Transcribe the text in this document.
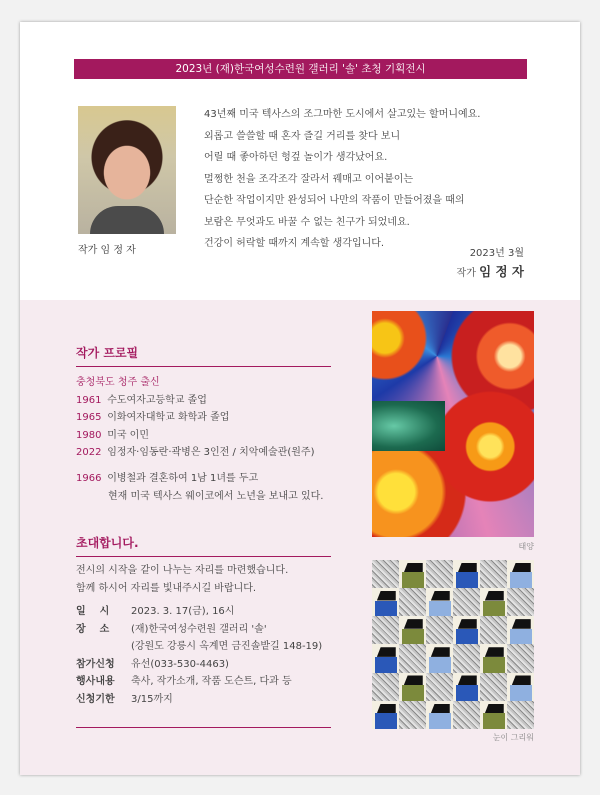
2023년 (재)한국여성수련원 갤러리 '솔' 초청 기획전시
작가 임 정 자
43년째 미국 텍사스의 조그마한 도시에서 살고있는 할머니예요.
외롭고 쓸쓸할 때 혼자 즐길 거리를 찾다 보니
어릴 때 좋아하던 헝겊 놀이가 생각났어요.
멀쩡한 천을 조각조각 잘라서 꿰매고 이어붙이는
단순한 작업이지만 완성되어 나만의 작품이 만들어졌을 때의
보람은 무엇과도 바꿀 수 없는 친구가 되었네요.
건강이 허락할 때까지 계속할 생각입니다.
2023년 3월
작가 임 정 자
작가 프로필
충청북도 청주 출신
1961 수도여자고등학교 졸업
1965 이화여자대학교 화학과 졸업
1980 미국 이민
2022 임정자·임동란·곽병은 3인전 / 치악예술관(원주)
1966 이병철과 결혼하여 1남 1녀를 두고
현재 미국 텍사스 웨이코에서 노년을 보내고 있다.
초대합니다.
전시의 시작을 같이 나누는 자리를 마련했습니다.
함께 하시어 자리를 빛내주시길 바랍니다.
일시 2023. 3. 17(금), 16시
장소 (재)한국여성수련원 갤러리 '솔'
(강원도 강릉시 옥계면 금진솔밭길 148-19)
참가신청	유선(033-530-4463)
행사내용	축사, 작가소개, 작품 도슨트, 다과 등
신청기한	3/15까지
태양
눈이 그리워
